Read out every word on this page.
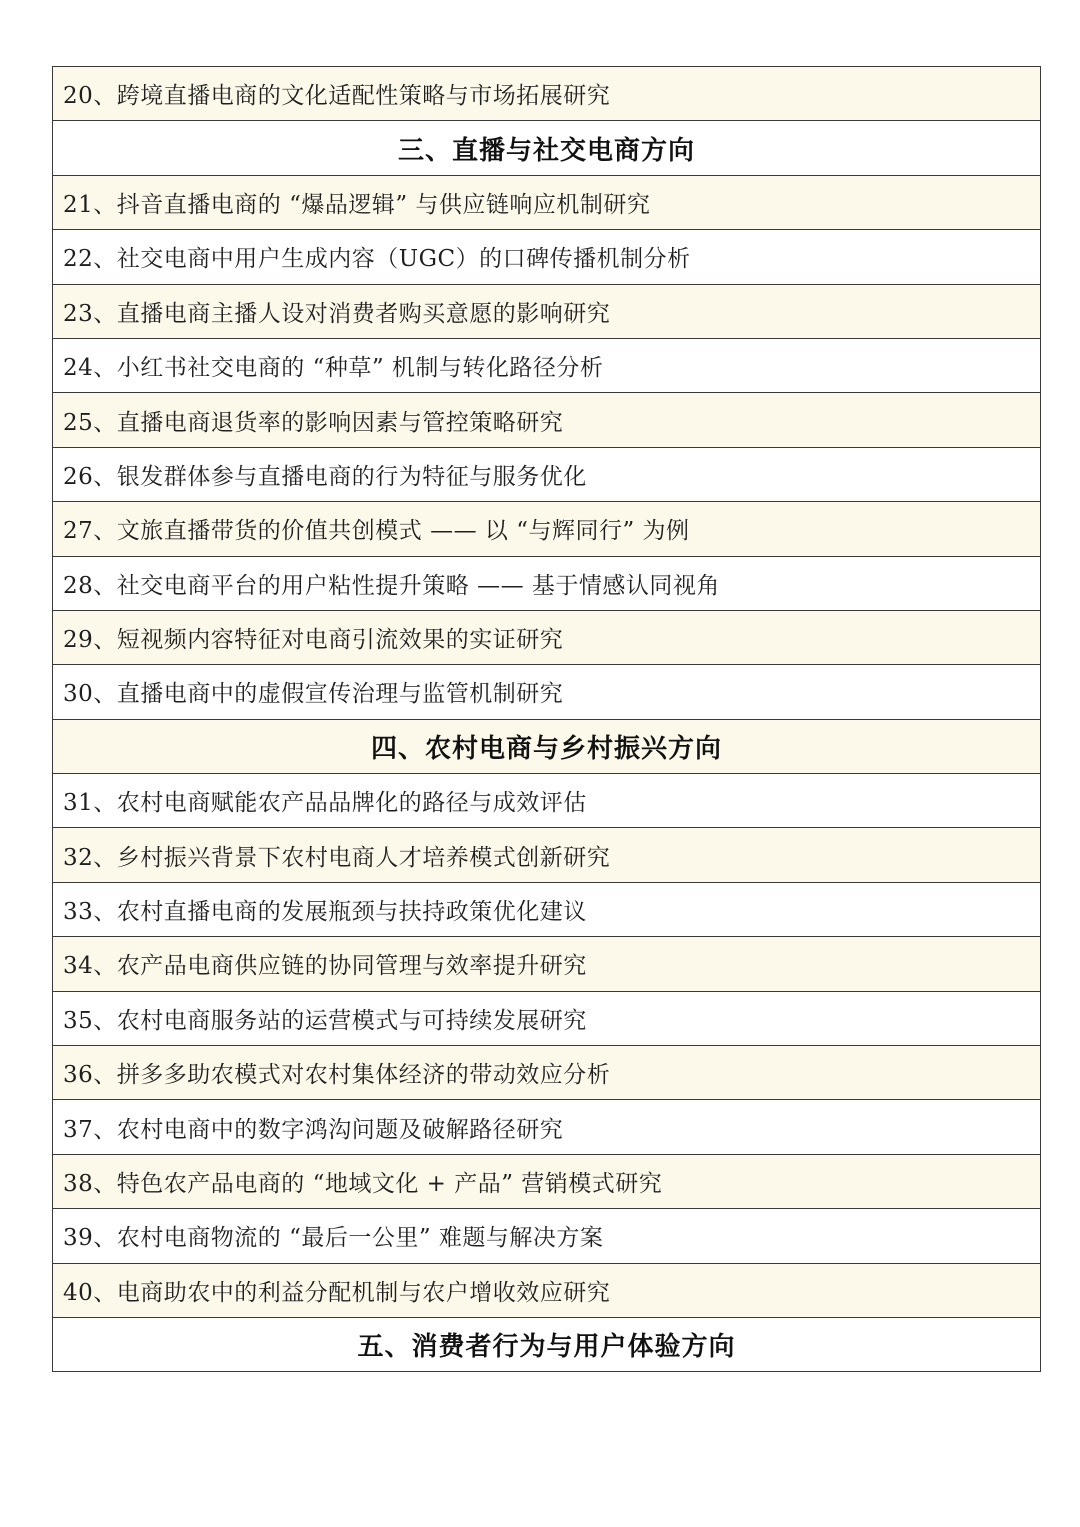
20、跨境直播电商的文化适配性策略与市场拓展研究
三、直播与社交电商方向
21、抖音直播电商的 “爆品逻辑” 与供应链响应机制研究
22、社交电商中用户生成内容（UGC）的口碑传播机制分析
23、直播电商主播人设对消费者购买意愿的影响研究
24、小红书社交电商的 “种草” 机制与转化路径分析
25、直播电商退货率的影响因素与管控策略研究
26、银发群体参与直播电商的行为特征与服务优化
27、文旅直播带货的价值共创模式 —— 以 “与辉同行” 为例
28、社交电商平台的用户粘性提升策略 —— 基于情感认同视角
29、短视频内容特征对电商引流效果的实证研究
30、直播电商中的虚假宣传治理与监管机制研究
四、农村电商与乡村振兴方向
31、农村电商赋能农产品品牌化的路径与成效评估
32、乡村振兴背景下农村电商人才培养模式创新研究
33、农村直播电商的发展瓶颈与扶持政策优化建议
34、农产品电商供应链的协同管理与效率提升研究
35、农村电商服务站的运营模式与可持续发展研究
36、拼多多助农模式对农村集体经济的带动效应分析
37、农村电商中的数字鸿沟问题及破解路径研究
38、特色农产品电商的 “地域文化 + 产品” 营销模式研究
39、农村电商物流的 “最后一公里” 难题与解决方案
40、电商助农中的利益分配机制与农户增收效应研究
五、消费者行为与用户体验方向
